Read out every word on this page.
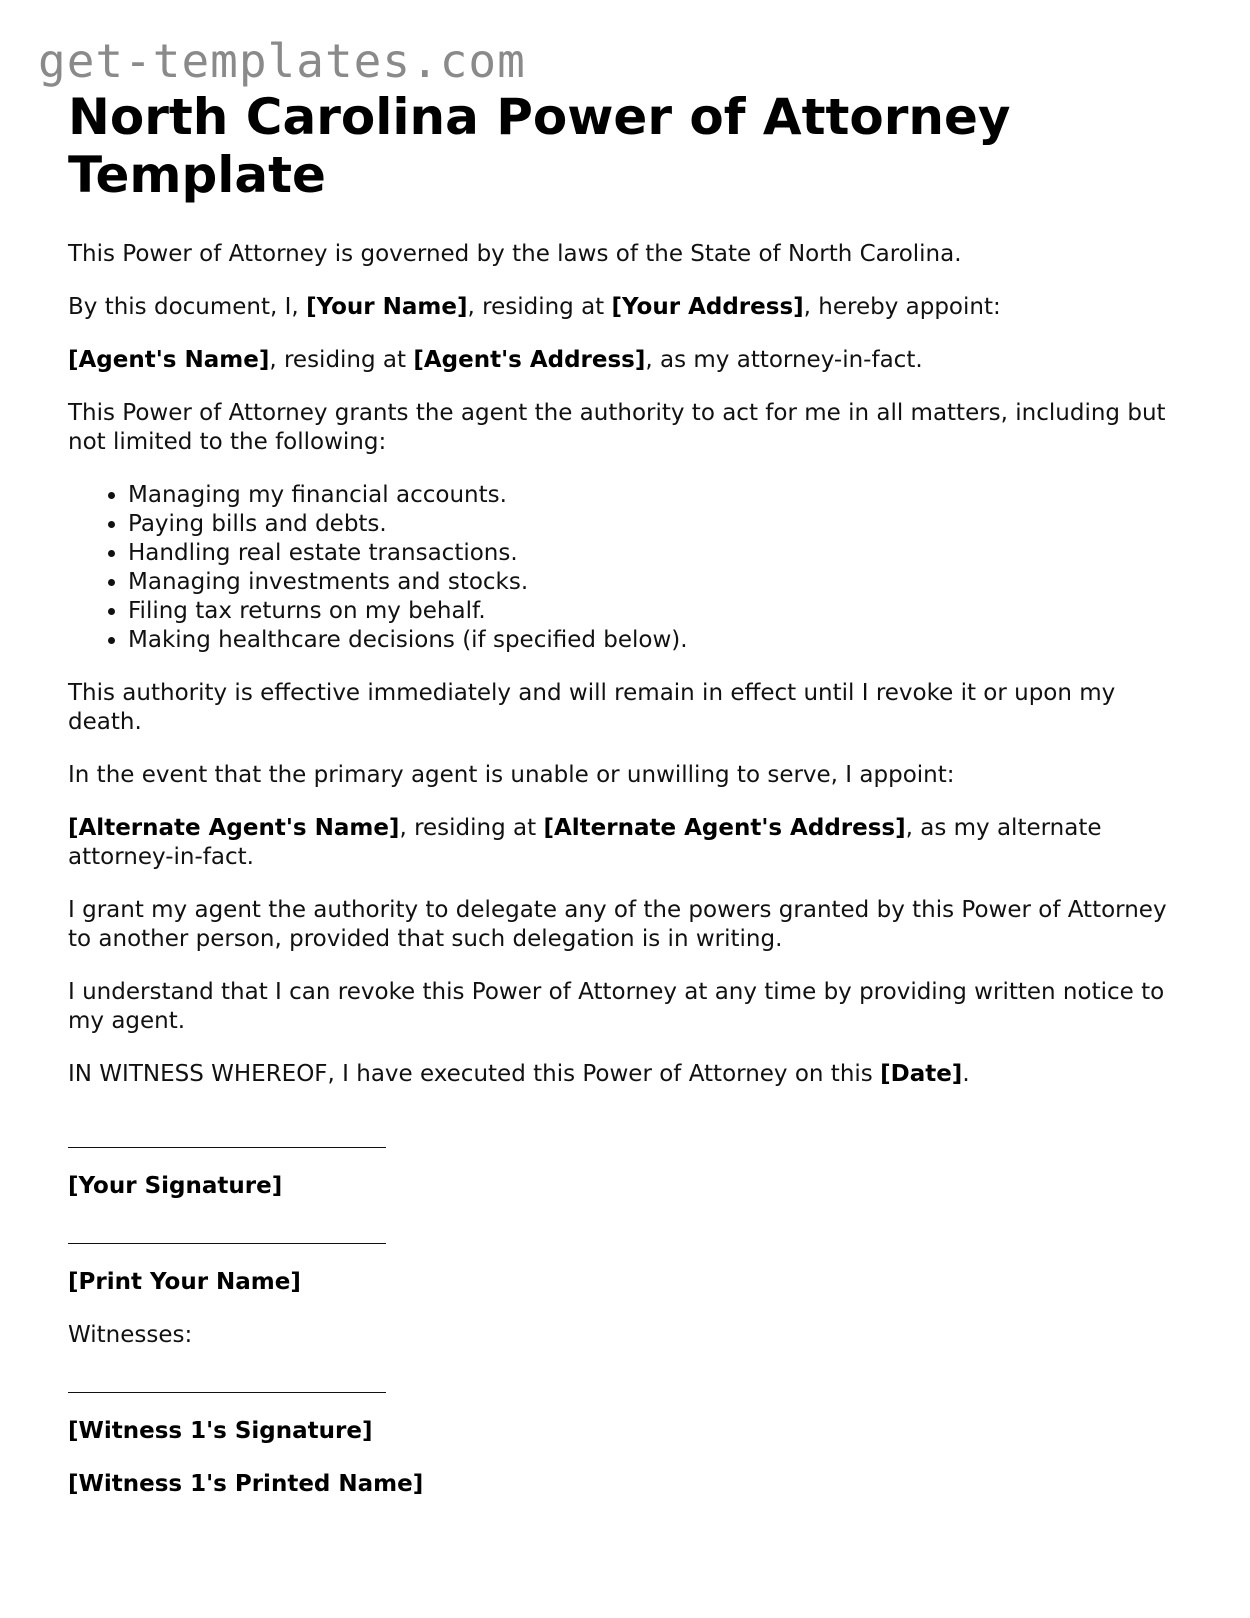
get-templates.com
North Carolina Power of Attorney Template

This Power of Attorney is governed by the laws of the State of North Carolina.

By this document, I, [Your Name], residing at [Your Address], hereby appoint:

[Agent's Name], residing at [Agent's Address], as my attorney-in-fact.

This Power of Attorney grants the agent the authority to act for me in all matters, including but not limited to the following:

• Managing my financial accounts.
• Paying bills and debts.
• Handling real estate transactions.
• Managing investments and stocks.
• Filing tax returns on my behalf.
• Making healthcare decisions (if specified below).

This authority is effective immediately and will remain in effect until I revoke it or upon my death.

In the event that the primary agent is unable or unwilling to serve, I appoint:

[Alternate Agent's Name], residing at [Alternate Agent's Address], as my alternate attorney-in-fact.

I grant my agent the authority to delegate any of the powers granted by this Power of Attorney to another person, provided that such delegation is in writing.

I understand that I can revoke this Power of Attorney at any time by providing written notice to my agent.

IN WITNESS WHEREOF, I have executed this Power of Attorney on this [Date].

[Your Signature]

[Print Your Name]

Witnesses:

[Witness 1's Signature]

[Witness 1's Printed Name]
